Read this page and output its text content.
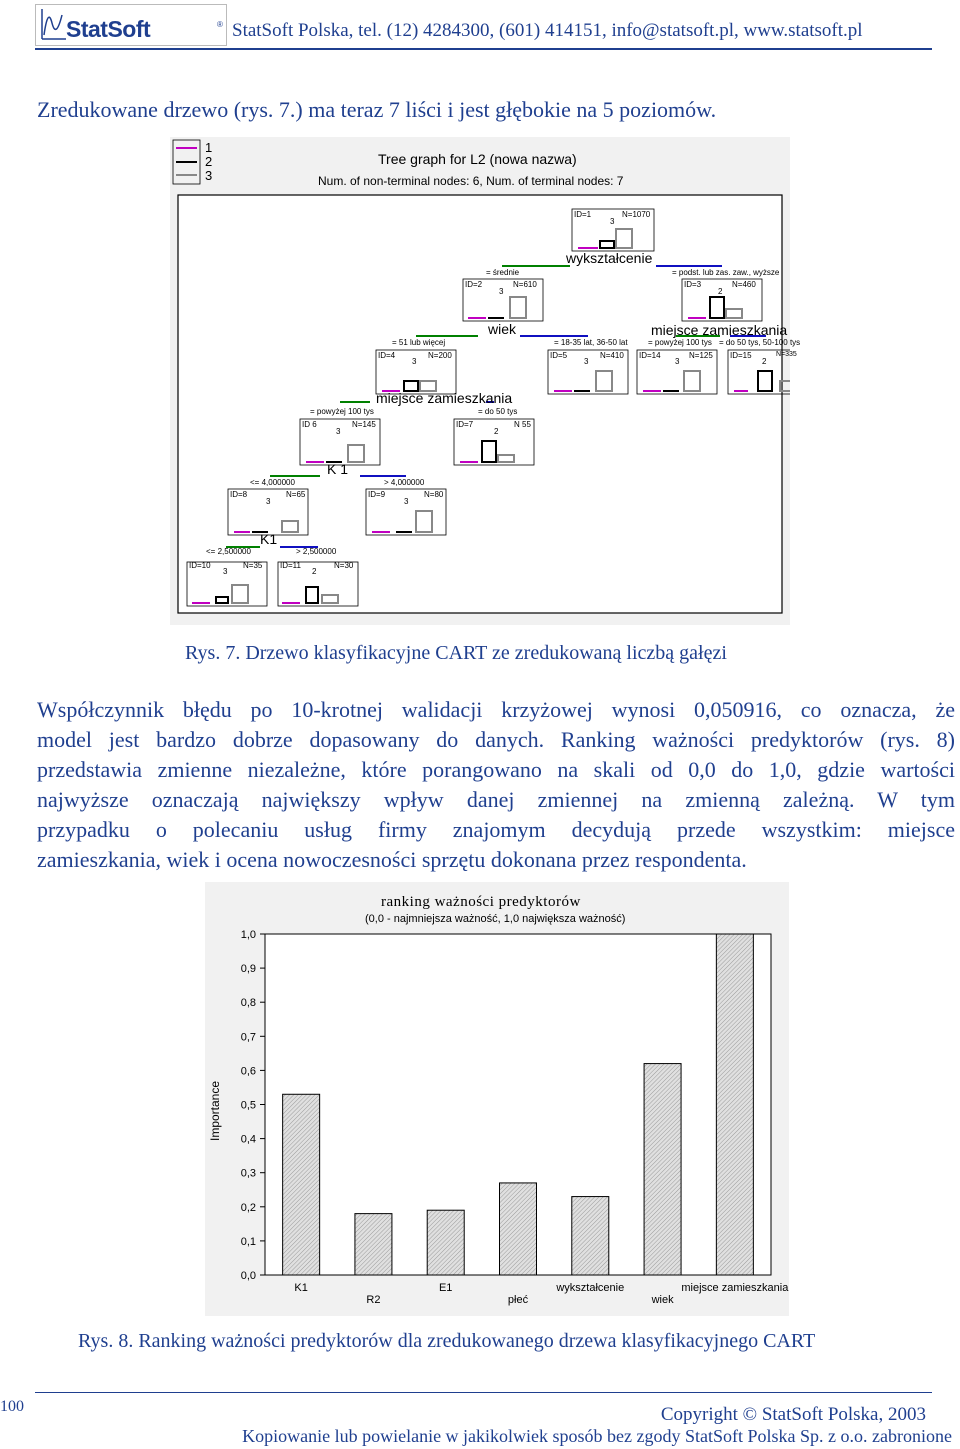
StatSoft	® StatSoft Polska, tel. (12) 4284300, (601) 414151, info@statsoft.pl, www.statsoft.pl
Zredukowane drzewo (rys. 7.) ma teraz 7 liści i jest głębokie na 5 poziomów.
1
2
3
Tree graph for L2 (nowa nazwa)
Num. of non-terminal nodes: 6, Num. of terminal nodes: 7
ID=1
3
N=1070
ID=2
3
N=610	ID=3
2
N=460
ID=4
3
N=200	ID=5
3
N=410 ID=14
3
N=125 ID=15
2
N=335
ID 6
3
N=145	ID=7
2
N 55
ID=8
3
N=65	ID=9
3
N=80
ID=10
3
N=35 ID=11
2
N=30
wykształcenie
= średnie	= podst. lub zas. zaw., wyższe
wiek
= 51 lub więcej	= 18-35 lat, 36-50 lat
miejsce zamieszkania
= powyżej 100 tys = do 50 tys, 50-100 tys
miejsce zamieszkania
= powyżej 100 tys	= do 50 tys
K 1
<= 4,000000	> 4,000000
K1
<= 2,500000	> 2,500000
Rys. 7. Drzewo klasyfikacyjne CART ze zredukowaną liczbą gałęzi
Współczynnik błędu po 10-krotnej walidacji krzyżowej wynosi 0,050916, co oznacza, że
model jest bardzo dobrze dopasowany do danych. Ranking ważności predyktorów (rys. 8)
przedstawia zmienne niezależne, które porangowano na skali od 0,0 do 1,0, gdzie wartości
najwyższe oznaczają największy wpływ danej zmiennej na zmienną zależną. W tym
przypadku o polecaniu usług firmy znajomym decydują przede wszystkim: miejsce
zamieszkania, wiek i ocena nowoczesności sprzętu dokonana przez respondenta.
ranking ważności predyktorów
(0,0 - najmniejsza ważność, 1,0 największa ważność)
Importance
0,0
0,1
0,2
0,3
0,4
0,5
0,6
0,7
0,8
0,9
1,0
K1
R2
E1
płeć
wykształcenie
wiek
miejsce zamieszkania
Rys. 8. Ranking ważności predyktorów dla zredukowanego drzewa klasyfikacyjnego CART
100	Copyright © StatSoft Polska, 2003
Kopiowanie lub powielanie w jakikolwiek sposób bez zgody StatSoft Polska Sp. z o.o. zabronione
